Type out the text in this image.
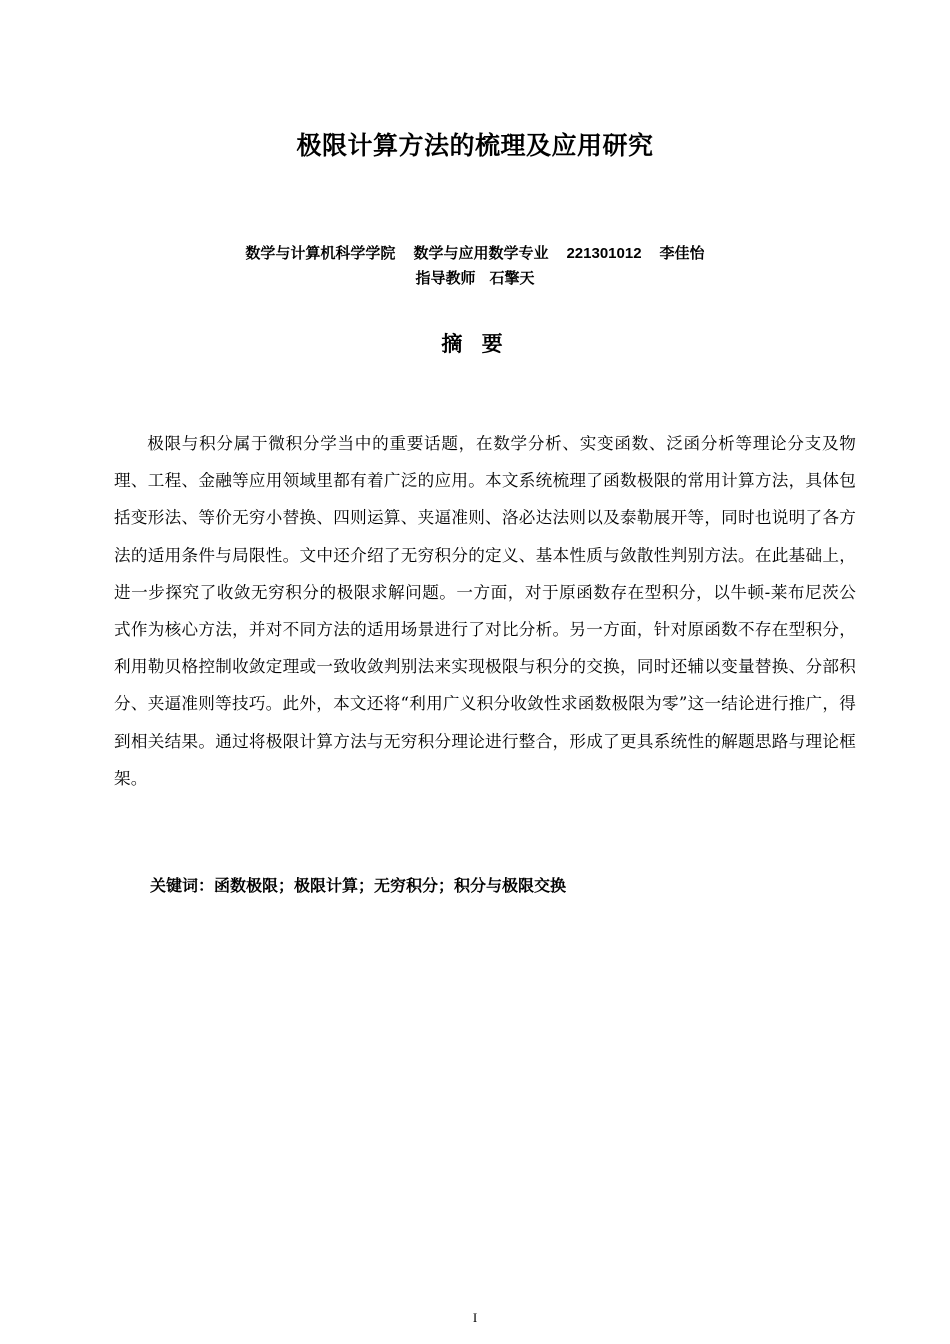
极限计算方法的梳理及应用研究
数学与计算机科学学院 数学与应用数学专业 221301012 李佳怡
指导教师 石擎天
摘 要
极限与积分属于微积分学当中的重要话题，在数学分析、实变函数、泛函分析等理论分支及物理、工程、金融等应用领域里都有着广泛的应用。本文系统梳理了函数极限的常用计算方法，具体包括变形法、等价无穷小替换、四则运算、夹逼准则、洛必达法则以及泰勒展开等，同时也说明了各方法的适用条件与局限性。文中还介绍了无穷积分的定义、基本性质与敛散性判别方法。在此基础上，进一步探究了收敛无穷积分的极限求解问题。一方面，对于原函数存在型积分，以牛顿-莱布尼茨公式作为核心方法，并对不同方法的适用场景进行了对比分析。另一方面，针对原函数不存在型积分，利用勒贝格控制收敛定理或一致收敛判别法来实现极限与积分的交换，同时还辅以变量替换、分部积分、夹逼准则等技巧。此外，本文还将“利用广义积分收敛性求函数极限为零”这一结论进行推广，得到相关结果。通过将极限计算方法与无穷积分理论进行整合，形成了更具系统性的解题思路与理论框架。
关键词：函数极限；极限计算；无穷积分；积分与极限交换
I
